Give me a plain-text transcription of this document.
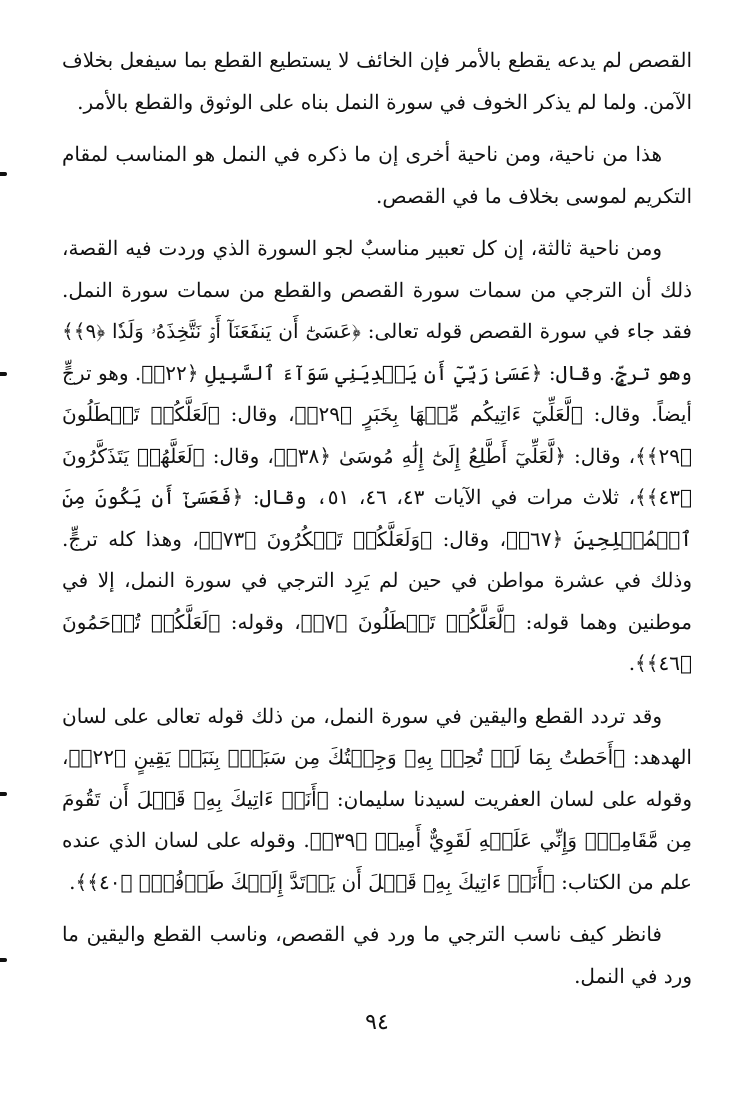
القصص لم يدعه يقطع بالأمر فإن الخائف لا يستطيع القطع بما سيفعل بخلاف الآمن. ولما لم يذكر الخوف في سورة النمل بناه على الوثوق والقطع بالأمر.

هذا من ناحية، ومن ناحية أخرى إن ما ذكره في النمل هو المناسب لمقام التكريم لموسى بخلاف ما في القصص.

ومن ناحية ثالثة، إن كل تعبير مناسبٌ لجو السورة الذي وردت فيه القصة، ذلك أن الترجي من سمات سورة القصص والقطع من سمات سورة النمل. فقد جاء في سورة القصص قوله تعالى: ﴿عَسَىٰٓ أَن يَنفَعَنَآ أَوۡ نَتَّخِذَهُۥ وَلَدٗا ﴿٩﴾﴾ وهو ترجٍّ. وقال: ﴿عَسَىٰ رَبِّيٓ أَن يَهۡدِيَنِي سَوَآءَ ٱلسَّبِيلِ ﴿٢٢﴾﴾. وهو ترجٍّ أيضاً. وقال: ﴿لَّعَلِّيٓ ءَاتِيكُم مِّنۡهَا بِخَبَرٍ ﴿٢٩﴾﴾، وقال: ﴿لَعَلَّكُمۡ تَصۡطَلُونَ ﴿٢٩﴾﴾، وقال: ﴿لَّعَلِّيٓ أَطَّلِعُ إِلَىٰٓ إِلَٰهِ مُوسَىٰ ﴿٣٨﴾﴾، وقال: ﴿لَعَلَّهُمۡ يَتَذَكَّرُونَ ﴿٤٣﴾﴾، ثلاث مرات في الآيات ٤٣، ٤٦، ٥١، وقال: ﴿فَعَسَىٰٓ أَن يَكُونَ مِنَ ٱلۡمُفۡلِحِينَ ﴿٦٧﴾﴾، وقال: ﴿وَلَعَلَّكُمۡ تَشۡكُرُونَ ﴿٧٣﴾﴾، وهذا كله ترجٍّ. وذلك في عشرة مواطن في حين لم يَرِد الترجي في سورة النمل، إلا في موطنين وهما قوله: ﴿لَّعَلَّكُمۡ تَصۡطَلُونَ ﴿٧﴾﴾، وقوله: ﴿لَعَلَّكُمۡ تُرۡحَمُونَ ﴿٤٦﴾﴾.

وقد تردد القطع واليقين في سورة النمل، من ذلك قوله تعالى على لسان الهدهد: ﴿أَحَطتُ بِمَا لَمۡ تُحِطۡ بِهِۦ وَجِئۡتُكَ مِن سَبَإِۭ بِنَبَإٖ يَقِينٍ ﴿٢٢﴾﴾، وقوله على لسان العفريت لسيدنا سليمان: ﴿أَنَا۠ ءَاتِيكَ بِهِۦ قَبۡلَ أَن تَقُومَ مِن مَّقَامِكَۖ وَإِنِّي عَلَيۡهِ لَقَوِيٌّ أَمِينٞ ﴿٣٩﴾﴾. وقوله على لسان الذي عنده علم من الكتاب: ﴿أَنَا۠ ءَاتِيكَ بِهِۦ قَبۡلَ أَن يَرۡتَدَّ إِلَيۡكَ طَرۡفُكَۚ ﴿٤٠﴾﴾.

فانظر كيف ناسب الترجي ما ورد في القصص، وناسب القطع واليقين ما ورد في النمل.

٩٤
